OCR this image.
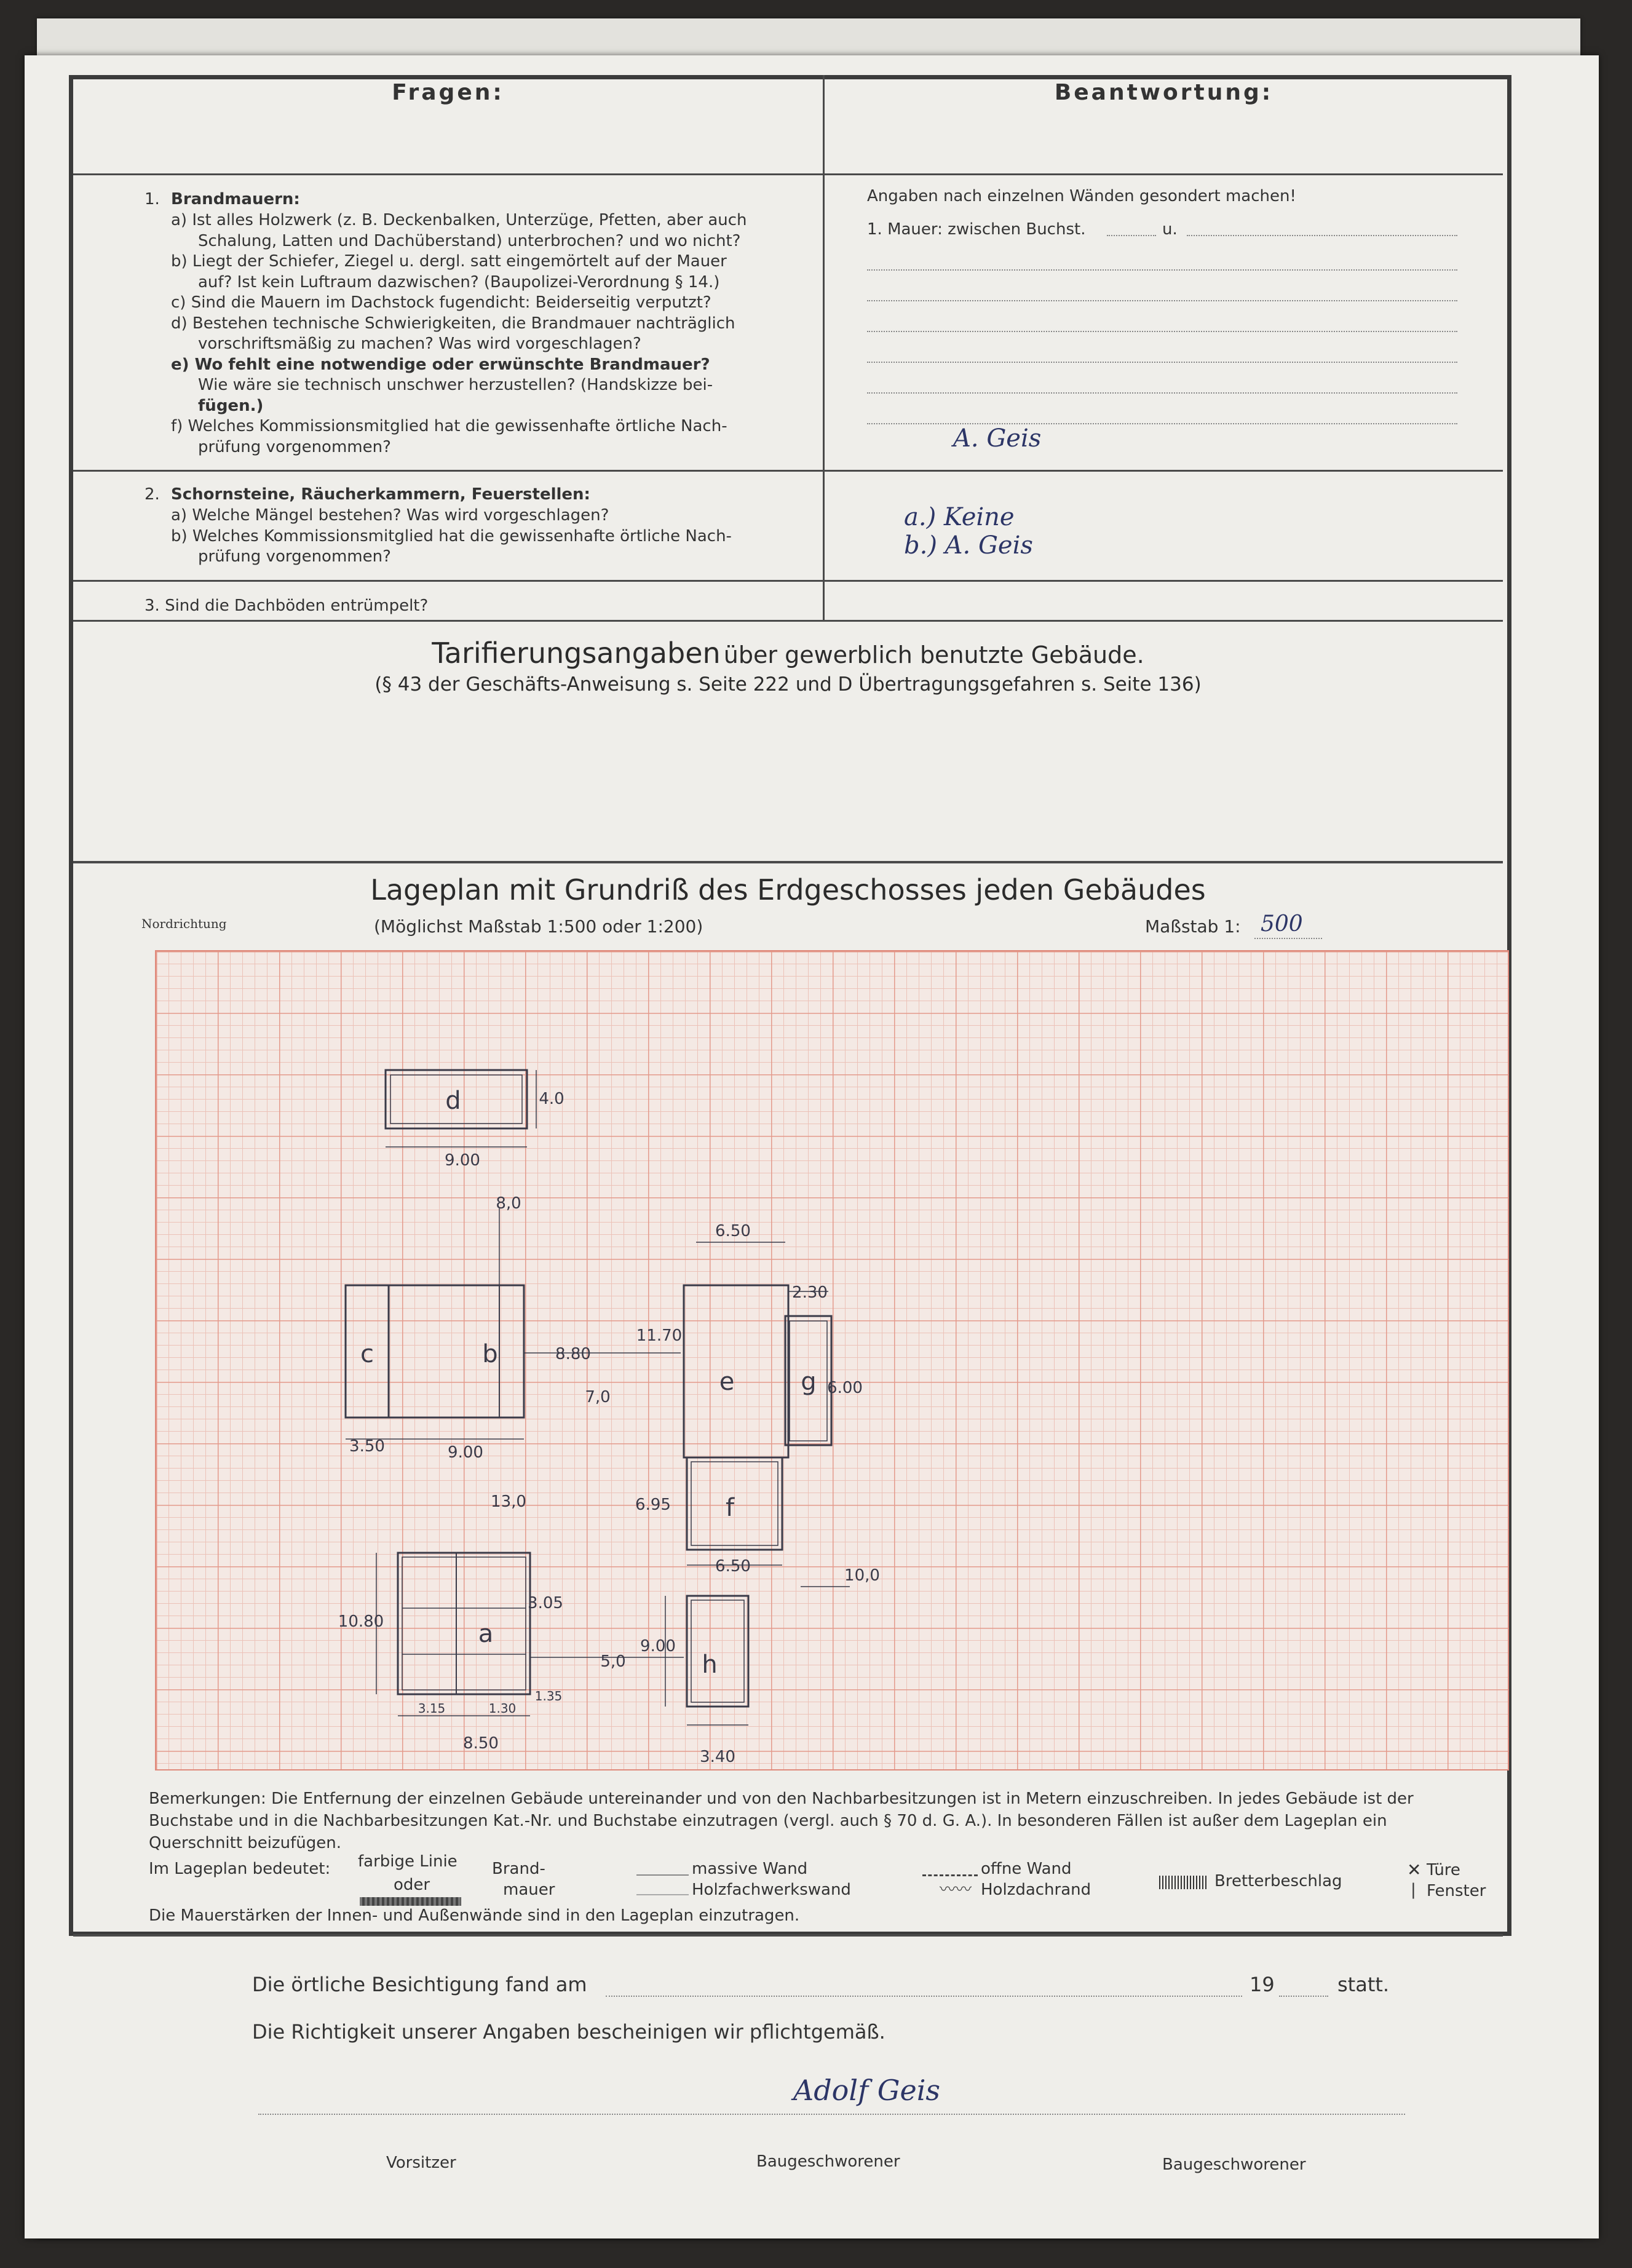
Fragen:	Beantwortung:
1. Brandmauern:
a) Ist alles Holzwerk (z. B. Deckenbalken, Unterzüge, Pfetten, aber auch
Schalung, Latten und Dachüberstand) unterbrochen? und wo nicht?
b) Liegt der Schiefer, Ziegel u. dergl. satt eingemörtelt auf der Mauer
auf? Ist kein Luftraum dazwischen? (Baupolizei-Verordnung § 14.)
c) Sind die Mauern im Dachstock fugendicht: Beiderseitig verputzt?
d) Bestehen technische Schwierigkeiten, die Brandmauer nachträglich
vorschriftsmäßig zu machen? Was wird vorgeschlagen?
e) Wo fehlt eine notwendige oder erwünschte Brandmauer?
Wie wäre sie technisch unschwer herzustellen? (Handskizze bei-
fügen.)
f) Welches Kommissionsmitglied hat die gewissenhafte örtliche Nach-
prüfung vorgenommen?
Angaben nach einzelnen Wänden gesondert machen!
1. Mauer: zwischen Buchst.	u.
A. Geis
2. Schornsteine, Räucherkammern, Feuerstellen:
a) Welche Mängel bestehen? Was wird vorgeschlagen?
b) Welches Kommissionsmitglied hat die gewissenhafte örtliche Nach-
prüfung vorgenommen?
a.) Keine
b.) A. Geis
3. Sind die Dachböden entrümpelt?
Tarifierungsangaben über gewerblich benutzte Gebäude.
(§ 43 der Geschäfts-Anweisung s. Seite 222 und D Übertragungsgefahren s. Seite 136)
Lageplan mit Grundriß des Erdgeschosses jeden Gebäudes
Nordrichtung	(Möglichst Maßstab 1:500 oder 1:200)	Maßstab 1: 500
d
c	b
e	g
f
a
h
9.00
4.0
8,0
3.50	9.00
8.80
7,0
6.50
11.70
2.30
6.00
6.95
6.50
13,0
10,0
10.80
3.05
3.15	1.30
1.35
8.50
5,0
9.00
3.40
Bemerkungen: Die Entfernung der einzelnen Gebäude untereinander und von den Nachbarbesitzungen ist in Metern einzuschreiben. In jedes Gebäude ist der
Buchstabe und in die Nachbarbesitzungen Kat.-Nr. und Buchstabe einzutragen (vergl. auch § 70 d. G. A.). In besonderen Fällen ist außer dem Lageplan ein
Querschnitt beizufügen.
Im Lageplan bedeutet: farbige Linie
oder
Brand-
mauer
massive Wand
Holzfachwerkswand
offne Wand
〰〰 Holzdachrand	Bretterbeschlag
✕ Türe
| Fenster
Die Mauerstärken der Innen- und Außenwände sind in den Lageplan einzutragen.
Die örtliche Besichtigung fand am	19	statt.
Die Richtigkeit unserer Angaben bescheinigen wir pflichtgemäß.
Adolf Geis
Vorsitzer	Baugeschworener	Baugeschworener
